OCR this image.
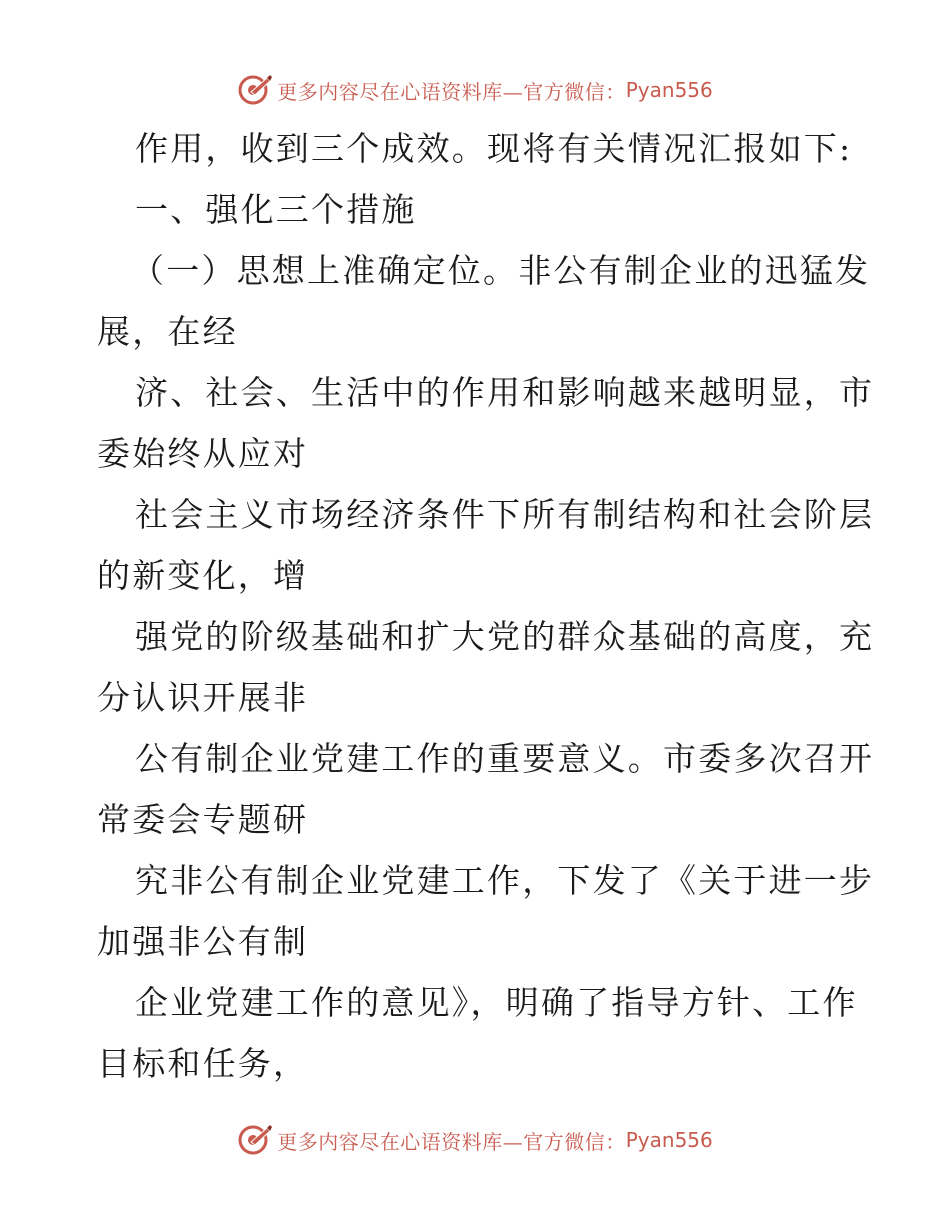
更多内容尽在心语资料库—官方微信： Pyan556
作用，收到三个成效。现将有关情况汇报如下:
一、强化三个措施
（一）思想上准确定位。非公有制企业的迅猛发
展，在经
济、社会、生活中的作用和影响越来越明显，市
委始终从应对
社会主义市场经济条件下所有制结构和社会阶层
的新变化，增
强党的阶级基础和扩大党的群众基础的高度，充
分认识开展非
公有制企业党建工作的重要意义。市委多次召开
常委会专题研
究非公有制企业党建工作，下发了《关于进一步
加强非公有制
企业党建工作的意见》，明确了指导方针、工作
目标和任务，
更多内容尽在心语资料库—官方微信： Pyan556
